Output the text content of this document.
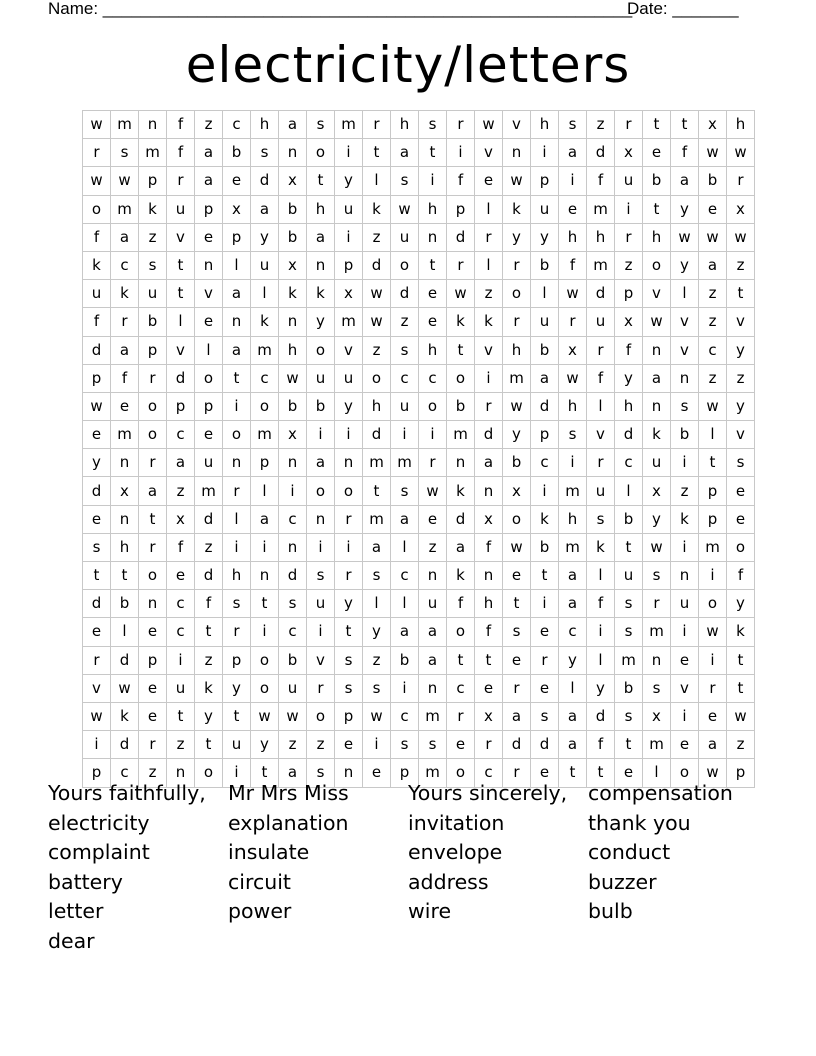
Name: ________________________________________________________
Date: _______
electricity/letters
w	m	n	f	z	c	h	a	s	m	r	h	s	r	w	v	h	s	z	r	t	t	x	h
r	s	m	f	a	b	s	n	o	i	t	a	t	i	v	n	i	a	d	x	e	f	w	w
w	w	p	r	a	e	d	x	t	y	l	s	i	f	e	w	p	i	f	u	b	a	b	r
o	m	k	u	p	x	a	b	h	u	k	w	h	p	l	k	u	e	m	i	t	y	e	x
f	a	z	v	e	p	y	b	a	i	z	u	n	d	r	y	y	h	h	r	h	w	w	w
k	c	s	t	n	l	u	x	n	p	d	o	t	r	l	r	b	f	m	z	o	y	a	z
u	k	u	t	v	a	l	k	k	x	w	d	e	w	z	o	l	w	d	p	v	l	z	t
f	r	b	l	e	n	k	n	y	m	w	z	e	k	k	r	u	r	u	x	w	v	z	v
d	a	p	v	l	a	m	h	o	v	z	s	h	t	v	h	b	x	r	f	n	v	c	y
p	f	r	d	o	t	c	w	u	u	o	c	c	o	i	m	a	w	f	y	a	n	z	z
w	e	o	p	p	i	o	b	b	y	h	u	o	b	r	w	d	h	l	h	n	s	w	y
e	m	o	c	e	o	m	x	i	i	d	i	i	m	d	y	p	s	v	d	k	b	l	v
y	n	r	a	u	n	p	n	a	n	m	m	r	n	a	b	c	i	r	c	u	i	t	s
d	x	a	z	m	r	l	i	o	o	t	s	w	k	n	x	i	m	u	l	x	z	p	e
e	n	t	x	d	l	a	c	n	r	m	a	e	d	x	o	k	h	s	b	y	k	p	e
s	h	r	f	z	i	i	n	i	i	a	l	z	a	f	w	b	m	k	t	w	i	m	o
t	t	o	e	d	h	n	d	s	r	s	c	n	k	n	e	t	a	l	u	s	n	i	f
d	b	n	c	f	s	t	s	u	y	l	l	u	f	h	t	i	a	f	s	r	u	o	y
e	l	e	c	t	r	i	c	i	t	y	a	a	o	f	s	e	c	i	s	m	i	w	k
r	d	p	i	z	p	o	b	v	s	z	b	a	t	t	e	r	y	l	m	n	e	i	t
v	w	e	u	k	y	o	u	r	s	s	i	n	c	e	r	e	l	y	b	s	v	r	t
w	k	e	t	y	t	w	w	o	p	w	c	m	r	x	a	s	a	d	s	x	i	e	w
i	d	r	z	t	u	y	z	z	e	i	s	s	e	r	d	d	a	f	t	m	e	a	z
p	c	z	n	o	i	t	a	s	n	e	p	m	o	c	r	e	t	t	e	l	o	w	p
Yours faithfully,
electricity
complaint
battery
letter
dear
Mr Mrs Miss
explanation
insulate
circuit
power
Yours sincerely,
invitation
envelope
address
wire
compensation
thank you
conduct
buzzer
bulb
